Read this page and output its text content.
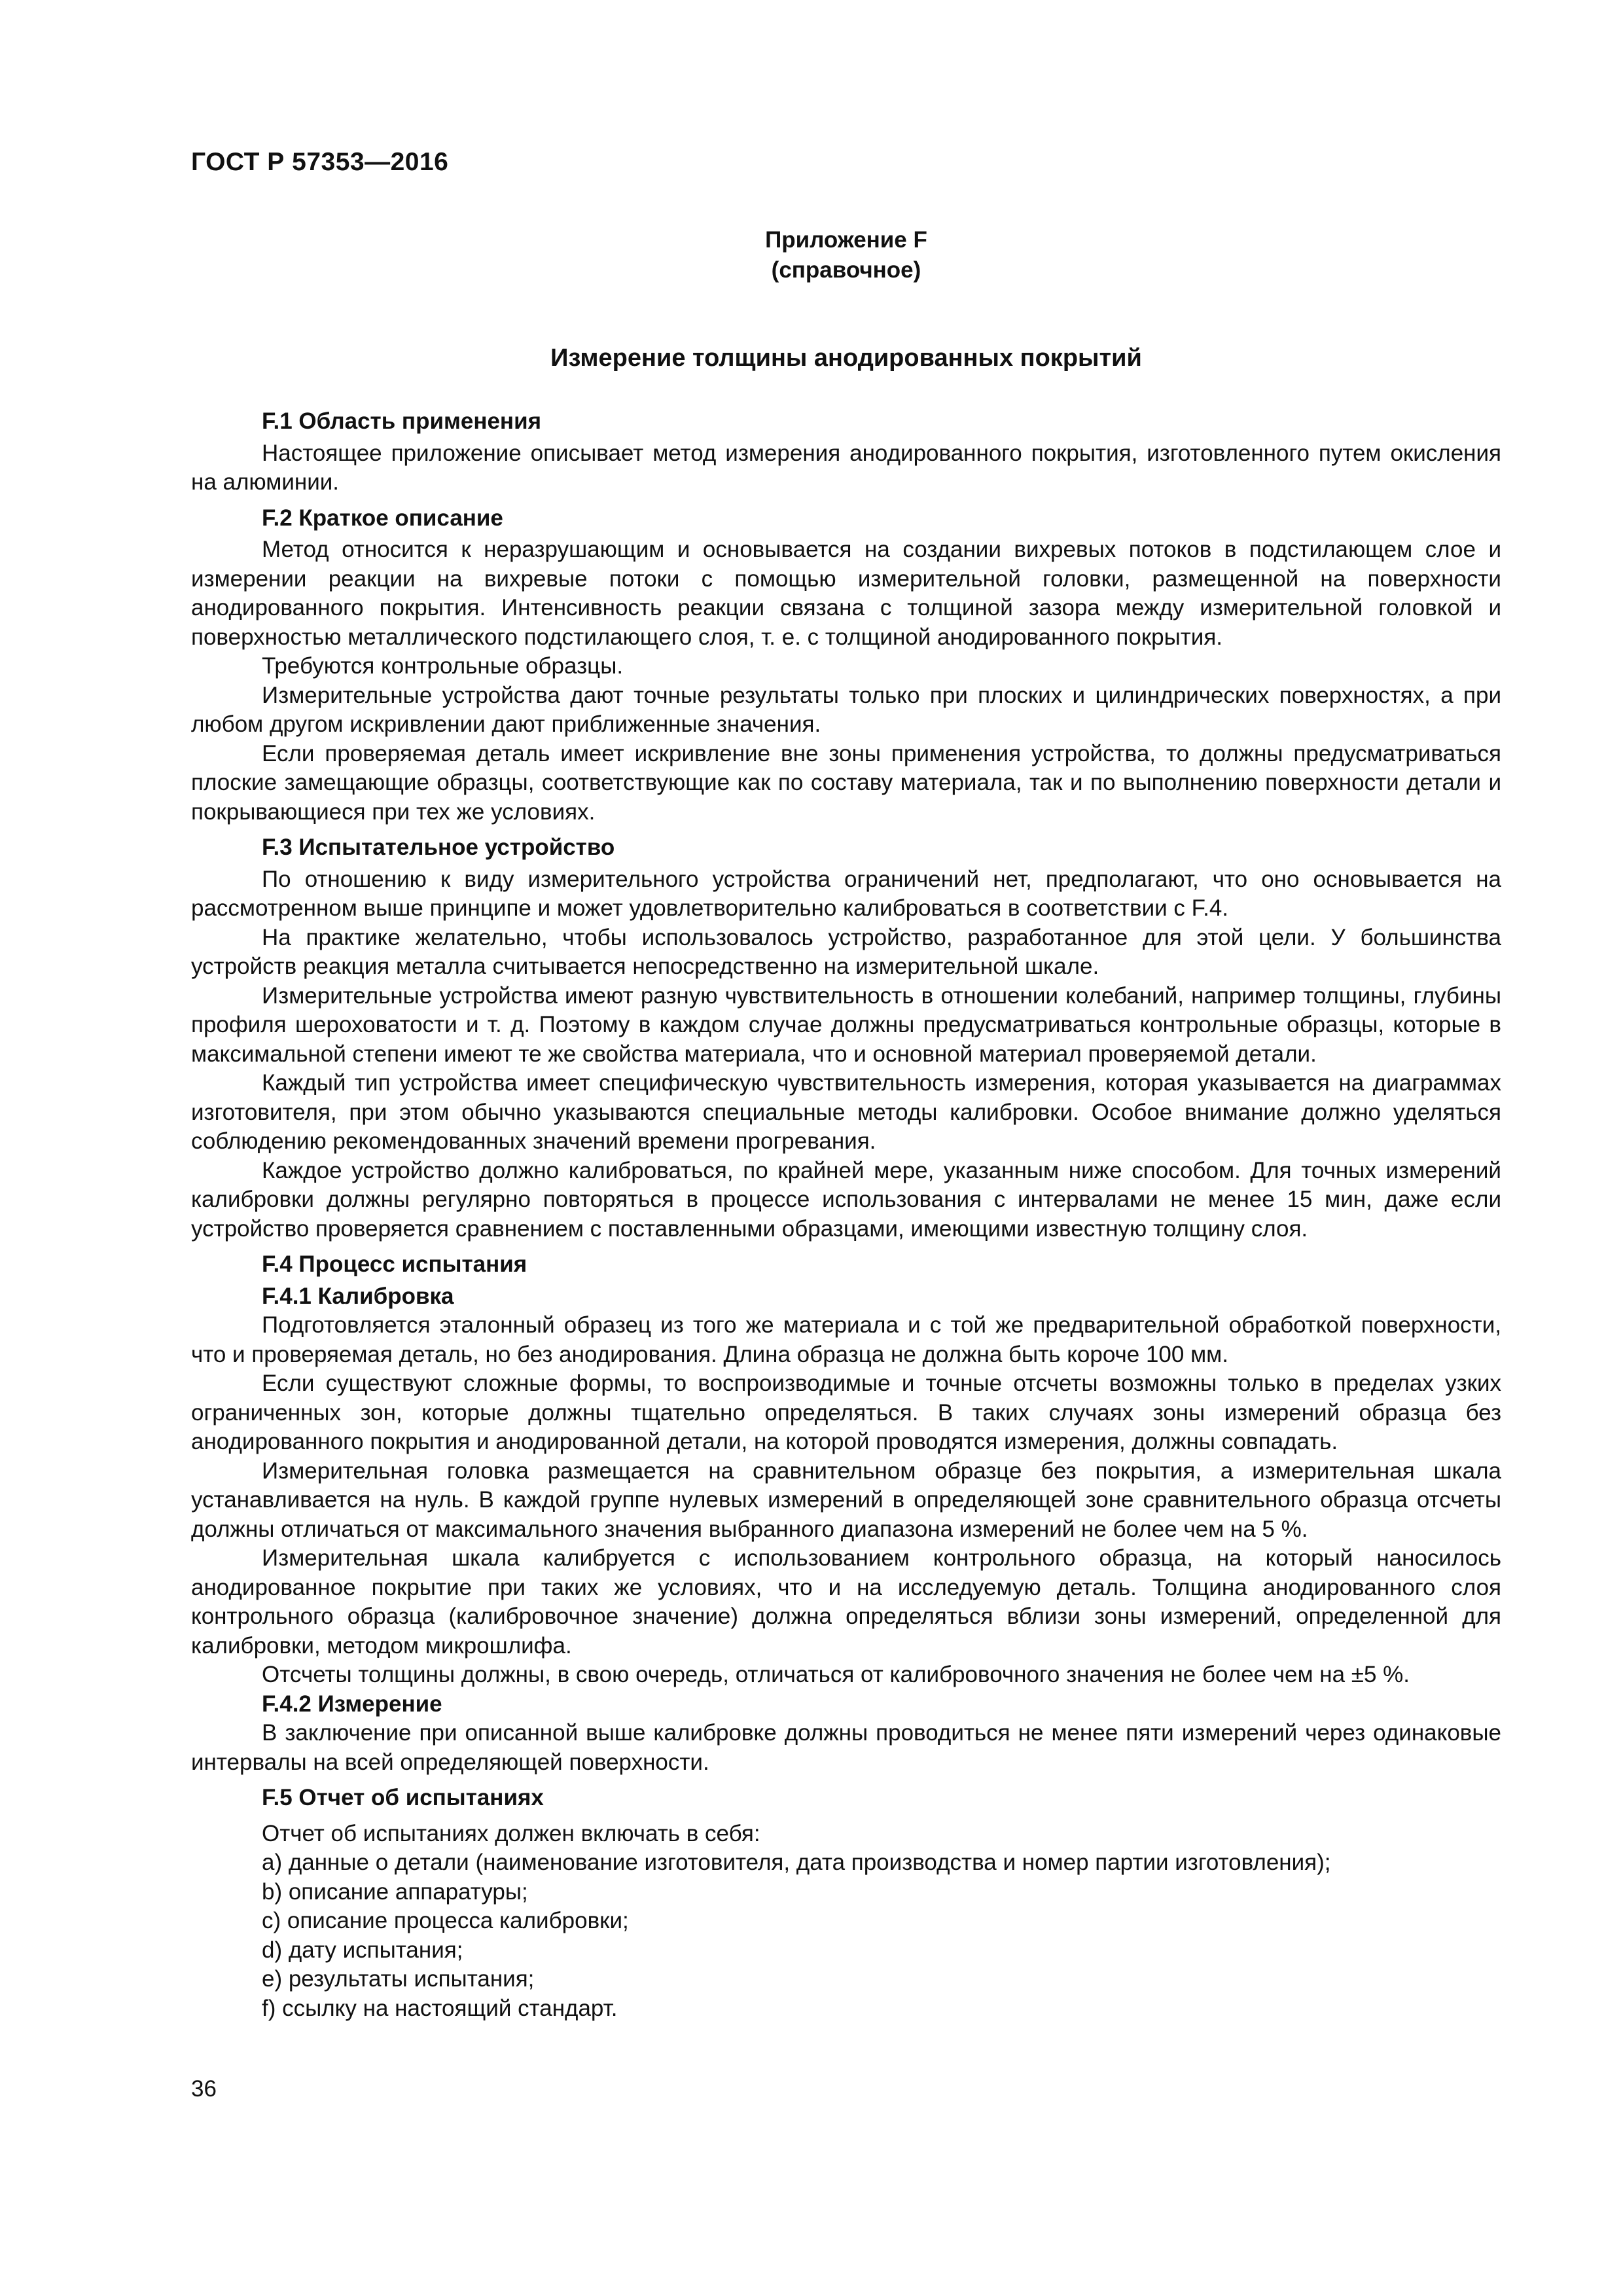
ГОСТ Р 57353—2016
Приложение F
(справочное)
Измерение толщины анодированных покрытий

F.1 Область применения

Настоящее приложение описывает метод измерения анодированного покрытия, изготовленного путем окисления на алюминии.

F.2 Краткое описание

Метод относится к неразрушающим и основывается на создании вихревых потоков в подстилающем слое и измерении реакции на вихревые потоки с помощью измерительной головки, размещенной на поверхности анодированного покрытия. Интенсивность реакции связана с толщиной зазора между измерительной головкой и поверхностью металлического подстилающего слоя, т. е. с толщиной анодированного покрытия.

Требуются контрольные образцы.

Измерительные устройства дают точные результаты только при плоских и цилиндрических поверхностях, а при любом другом искривлении дают приближенные значения.

Если проверяемая деталь имеет искривление вне зоны применения устройства, то должны предусматриваться плоские замещающие образцы, соответствующие как по составу материала, так и по выполнению поверхности детали и покрывающиеся при тех же условиях.

F.3 Испытательное устройство

По отношению к виду измерительного устройства ограничений нет, предполагают, что оно основывается на рассмотренном выше принципе и может удовлетворительно калиброваться в соответствии с F.4.

На практике желательно, чтобы использовалось устройство, разработанное для этой цели. У большинства устройств реакция металла считывается непосредственно на измерительной шкале.

Измерительные устройства имеют разную чувствительность в отношении колебаний, например толщины, глубины профиля шероховатости и т. д. Поэтому в каждом случае должны предусматриваться контрольные образцы, которые в максимальной степени имеют те же свойства материала, что и основной материал проверяемой детали.

Каждый тип устройства имеет специфическую чувствительность измерения, которая указывается на диаграммах изготовителя, при этом обычно указываются специальные методы калибровки. Особое внимание должно уделяться соблюдению рекомендованных значений времени прогревания.

Каждое устройство должно калиброваться, по крайней мере, указанным ниже способом. Для точных измерений калибровки должны регулярно повторяться в процессе использования с интервалами не менее 15 мин, даже если устройство проверяется сравнением с поставленными образцами, имеющими известную толщину слоя.

F.4 Процесс испытания

F.4.1 Калибровка

Подготовляется эталонный образец из того же материала и с той же предварительной обработкой поверхности, что и проверяемая деталь, но без анодирования. Длина образца не должна быть короче 100 мм.

Если существуют сложные формы, то воспроизводимые и точные отсчеты возможны только в пределах узких ограниченных зон, которые должны тщательно определяться. В таких случаях зоны измерений образца без анодированного покрытия и анодированной детали, на которой проводятся измерения, должны совпадать.

Измерительная головка размещается на сравнительном образце без покрытия, а измерительная шкала устанавливается на нуль. В каждой группе нулевых измерений в определяющей зоне сравнительного образца отсчеты должны отличаться от максимального значения выбранного диапазона измерений не более чем на 5 %.

Измерительная шкала калибруется с использованием контрольного образца, на который наносилось анодированное покрытие при таких же условиях, что и на исследуемую деталь. Толщина анодированного слоя контрольного образца (калибровочное значение) должна определяться вблизи зоны измерений, определенной для калибровки, методом микрошлифа.

Отсчеты толщины должны, в свою очередь, отличаться от калибровочного значения не более чем на ±5 %.

F.4.2 Измерение

В заключение при описанной выше калибровке должны проводиться не менее пяти измерений через одинаковые интервалы на всей определяющей поверхности.

F.5 Отчет об испытаниях

Отчет об испытаниях должен включать в себя:

a) данные о детали (наименование изготовителя, дата производства и номер партии изготовления);

b) описание аппаратуры;

c) описание процесса калибровки;

d) дату испытания;

e) результаты испытания;

f) ссылку на настоящий стандарт.

36
